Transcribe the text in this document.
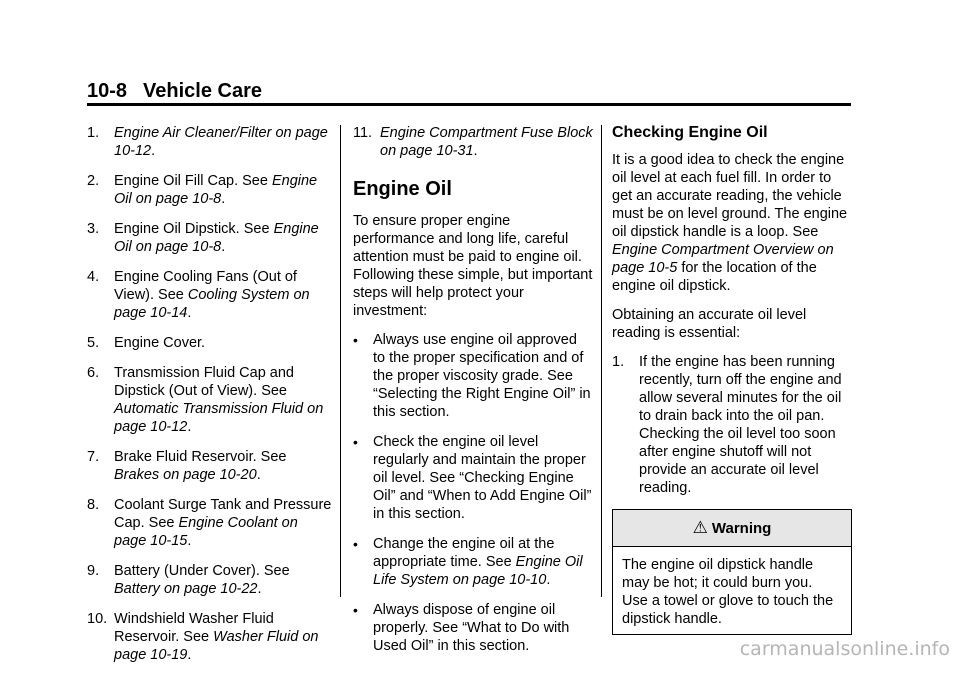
10-8 Vehicle Care
1. Engine Air Cleaner/Filter on page 10-12.
2. Engine Oil Fill Cap. See Engine Oil on page 10-8.
3. Engine Oil Dipstick. See Engine Oil on page 10-8.
4. Engine Cooling Fans (Out of View). See Cooling System on page 10-14.
5. Engine Cover.
6. Transmission Fluid Cap and Dipstick (Out of View). See Automatic Transmission Fluid on page 10-12.
7. Brake Fluid Reservoir. See Brakes on page 10-20.
8. Coolant Surge Tank and Pressure Cap. See Engine Coolant on page 10-15.
9. Battery (Under Cover). See Battery on page 10-22.
10. Windshield Washer Fluid Reservoir. See Washer Fluid on page 10-19.
11. Engine Compartment Fuse Block on page 10-31.
Engine Oil
To ensure proper engine performance and long life, careful attention must be paid to engine oil. Following these simple, but important steps will help protect your investment:
• Always use engine oil approved to the proper specification and of the proper viscosity grade. See “Selecting the Right Engine Oil” in this section.
• Check the engine oil level regularly and maintain the proper oil level. See “Checking Engine Oil” and “When to Add Engine Oil” in this section.
• Change the engine oil at the appropriate time. See Engine Oil Life System on page 10-10.
• Always dispose of engine oil properly. See “What to Do with Used Oil” in this section.
Checking Engine Oil
It is a good idea to check the engine oil level at each fuel fill. In order to get an accurate reading, the vehicle must be on level ground. The engine oil dipstick handle is a loop. See Engine Compartment Overview on page 10-5 for the location of the engine oil dipstick.
Obtaining an accurate oil level reading is essential:
1. If the engine has been running recently, turn off the engine and allow several minutes for the oil to drain back into the oil pan. Checking the oil level too soon after engine shutoff will not provide an accurate oil level reading.
⚠ Warning
The engine oil dipstick handle may be hot; it could burn you. Use a towel or glove to touch the dipstick handle.
carmanualsonline.info
